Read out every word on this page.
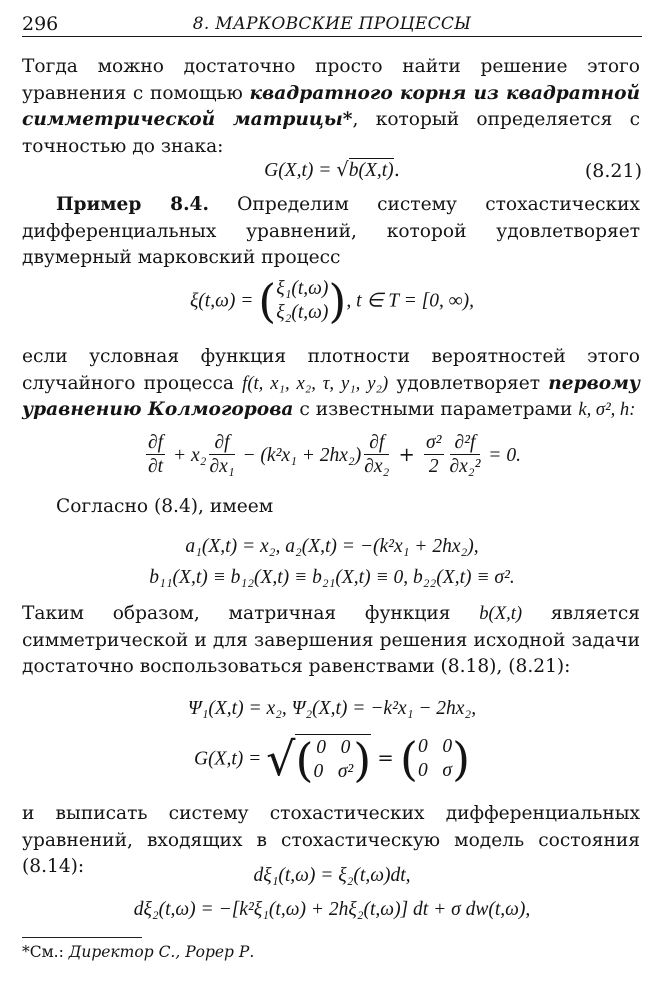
296	8. МАРКОВСКИЕ ПРОЦЕССЫ

Тогда можно достаточно просто найти решение этого уравнения с помощью квадратного корня из квадратной симметрической матрицы*, который определяется с точностью до знака:

G(X,t) = √b(X,t).	(8.21)

Пример 8.4. Определим систему стохастических дифференциальных уравнений, которой удовлетворяет двумерный марковский процесс

ξ(t,ω) = ( ξ₁(t,ω)
ξ₂(t,ω) ), t ∈ T = [0, ∞),

если условная функция плотности вероятностей этого случайного процесса f(t, x₁, x₂, τ, y₁, y₂) удовлетворяет первому уравнению Колмогорова с известными параметрами k, σ², h:

$\frac{\partial f}{\partial t} + x_2 \frac{\partial f}{\text{∂x₁}} - (k^2x_1 + 2hx_2) \frac{\partial f}{\text{∂x₂}} + \frac{\text{σ²}}{2} \frac{\text{∂²f}}{\text{∂x₂²}} = 0$.

Согласно (8.4), имеем

a₁(X,t) = x₂, a₂(X,t) = −(k²x₁ + 2hx₂),
b₁₁(X,t) ≡ b₁₂(X,t) ≡ b₂₁(X,t) ≡ 0, b₂₂(X,t) ≡ σ².

Таким образом, матричная функция b(X,t) является симметрической и для завершения решения исходной задачи достаточно воспользоваться равенствами (8.18), (8.21):

Ψ₁(X,t) = x₂, Ψ₂(X,t) = −k²x₁ − 2hx₂,
G(X,t) = √( 0 0
0 σ² ) = ( 0 0
0 σ )

и выписать систему стохастических дифференциальных уравнений, входящих в стохастическую модель состояния (8.14):	dξ₁(t,ω) = ξ₂(t,ω)dt,
dξ₂(t,ω) = −[k²ξ₁(t,ω) + 2hξ₂(t,ω)] dt + σ dw(t,ω),
*См.: Директор С., Рорер Р.
